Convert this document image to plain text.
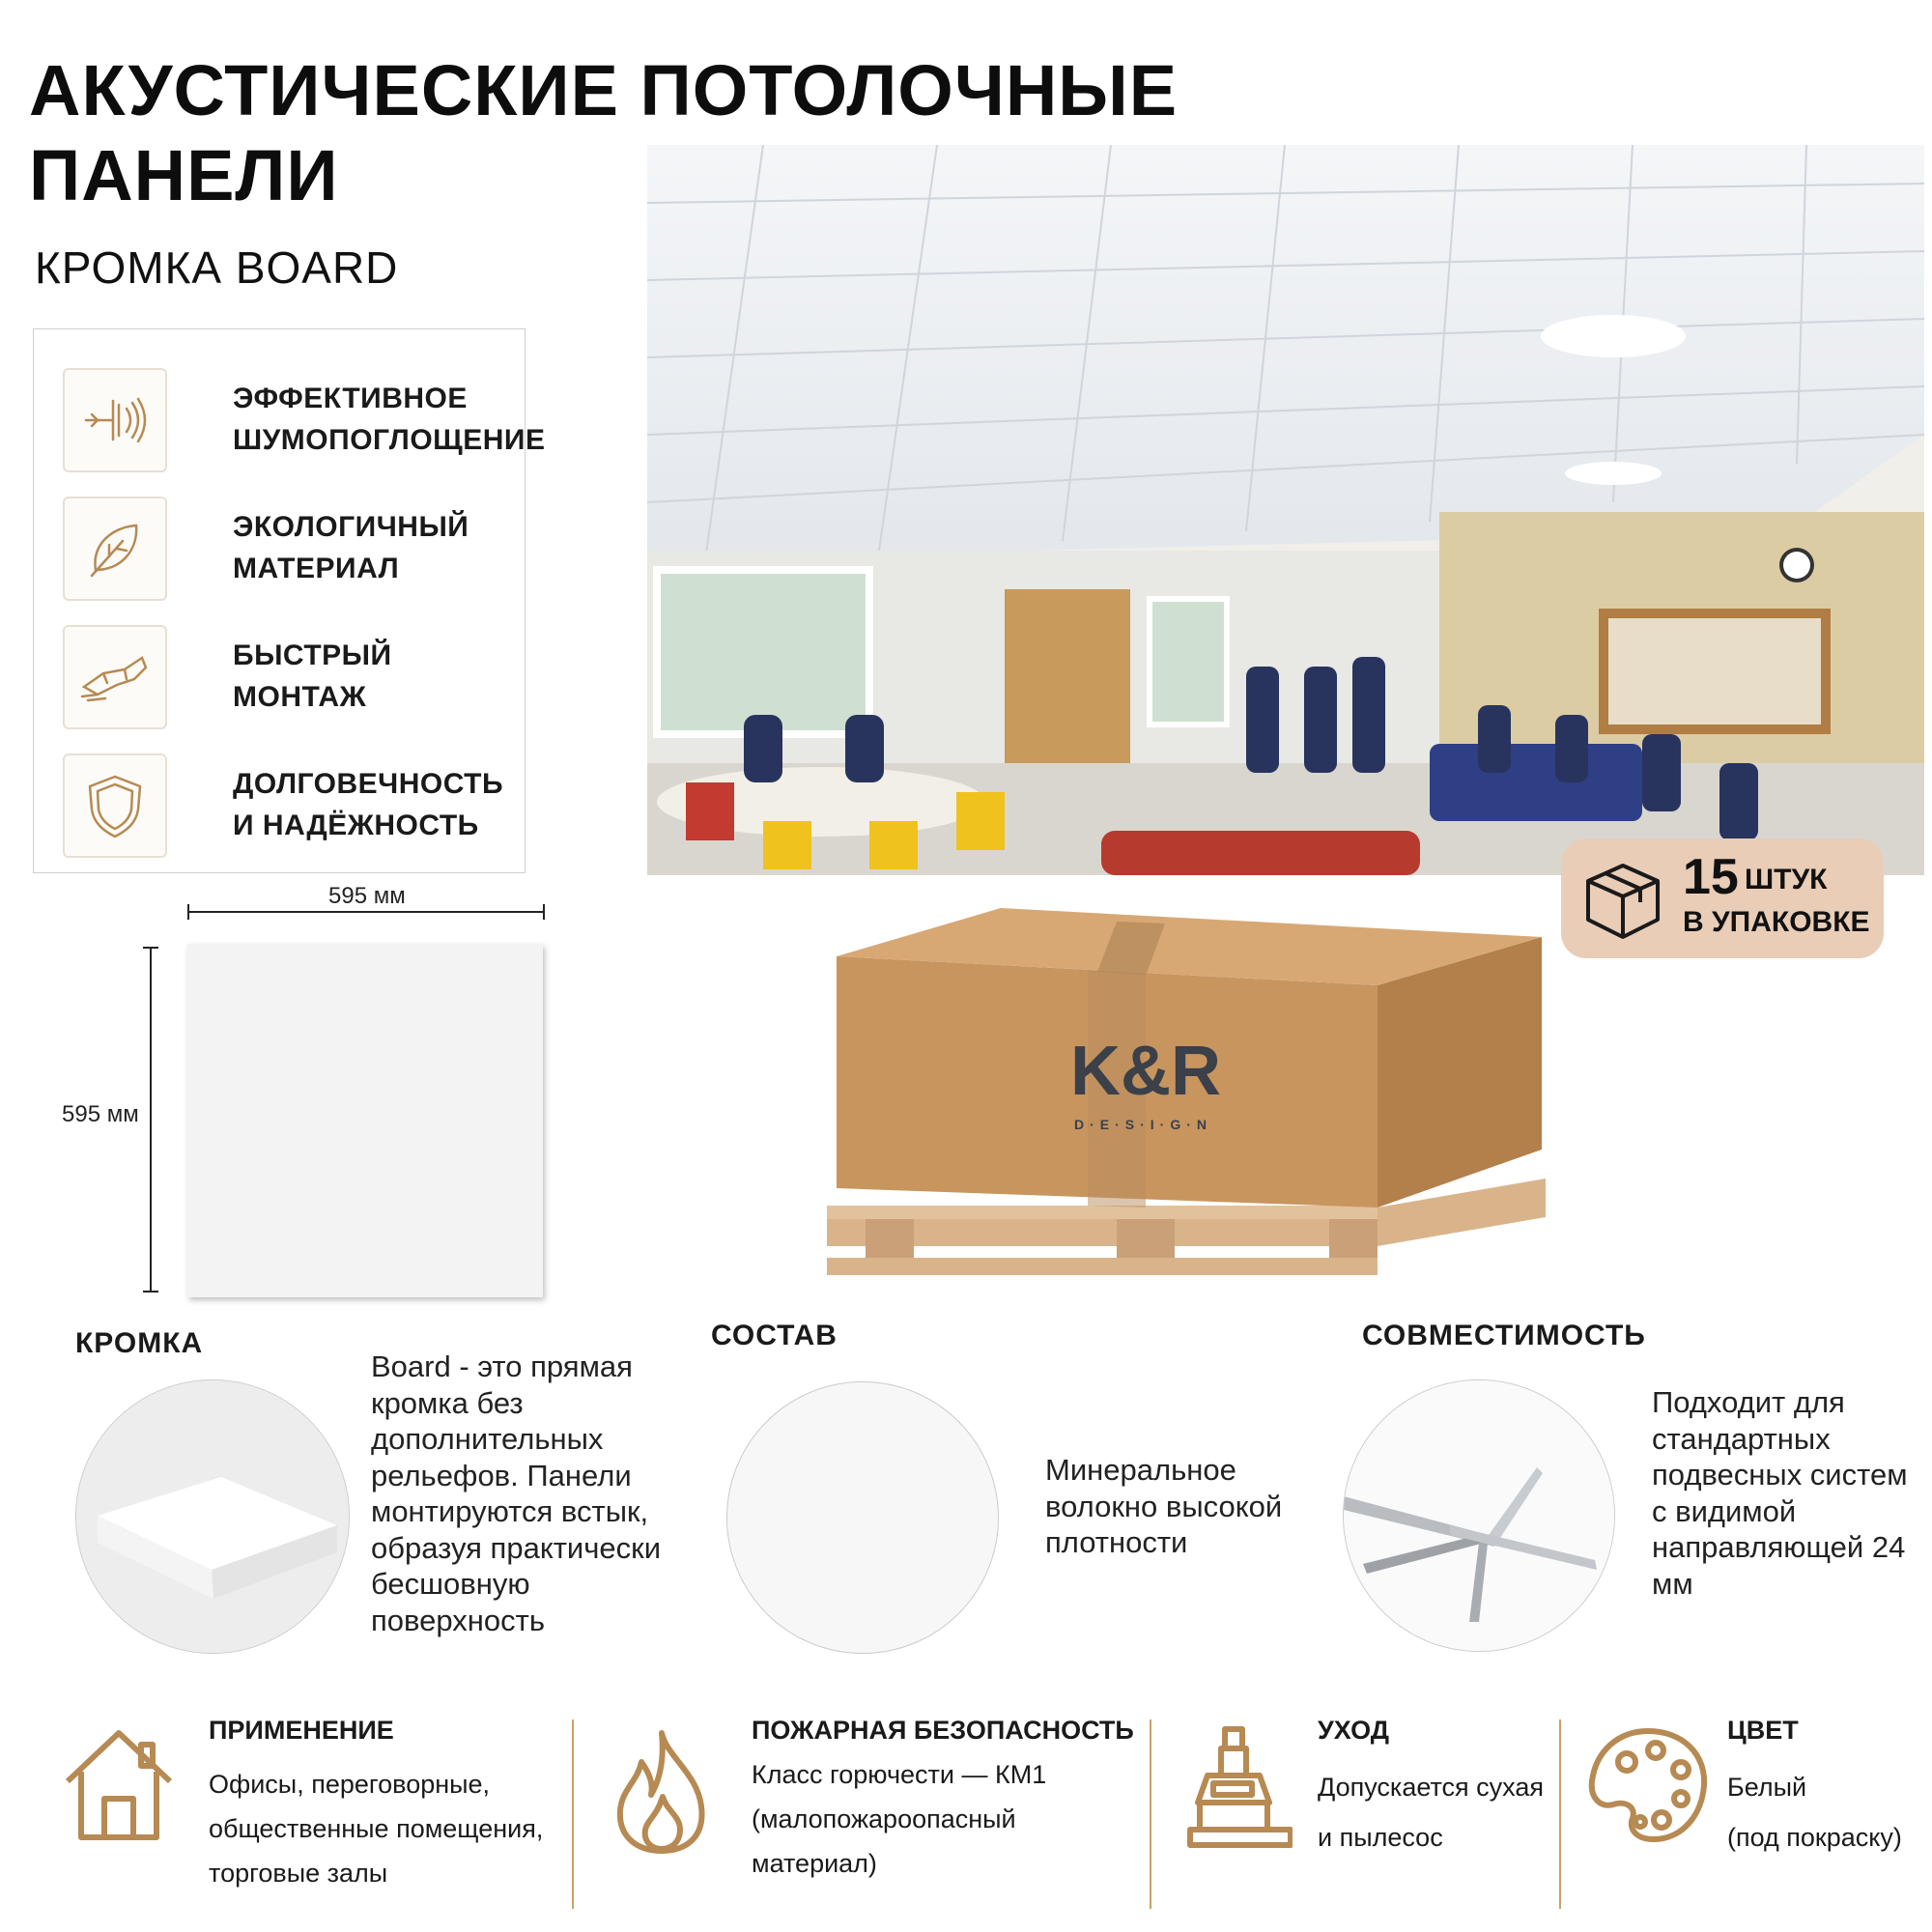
АКУСТИЧЕСКИЕ ПОТОЛОЧНЫЕ
ПАНЕЛИ
КРОМКА BOARD
ЭФФЕКТИВНОЕ
ШУМОПОГЛОЩЕНИЕ
ЭКОЛОГИЧНЫЙ
МАТЕРИАЛ
БЫСТРЫЙ
МОНТАЖ
ДОЛГОВЕЧНОСТЬ
И НАДЁЖНОСТЬ
15 ШТУК
В УПАКОВКЕ
K&R
D·E·S·I·G·N
595 мм
595 мм
КРОМКА
Board - это прямая кромка без дополнительных рельефов. Панели монтируются встык, образуя практически бесшовную поверхность
СОСТАВ
Минеральное волокно высокой плотности
СОВМЕСТИМОСТЬ
Подходит для стандартных подвесных систем с видимой направляющей 24 мм
ПРИМЕНЕНИЕ
Офисы, переговорные,
общественные помещения,
торговые залы
ПОЖАРНАЯ БЕЗОПАСНОСТЬ
Класс горючести — КМ1
(малопожароопасный
материал)
УХОД
Допускается сухая
и пылесос
ЦВЕТ
Белый
(под покраску)
